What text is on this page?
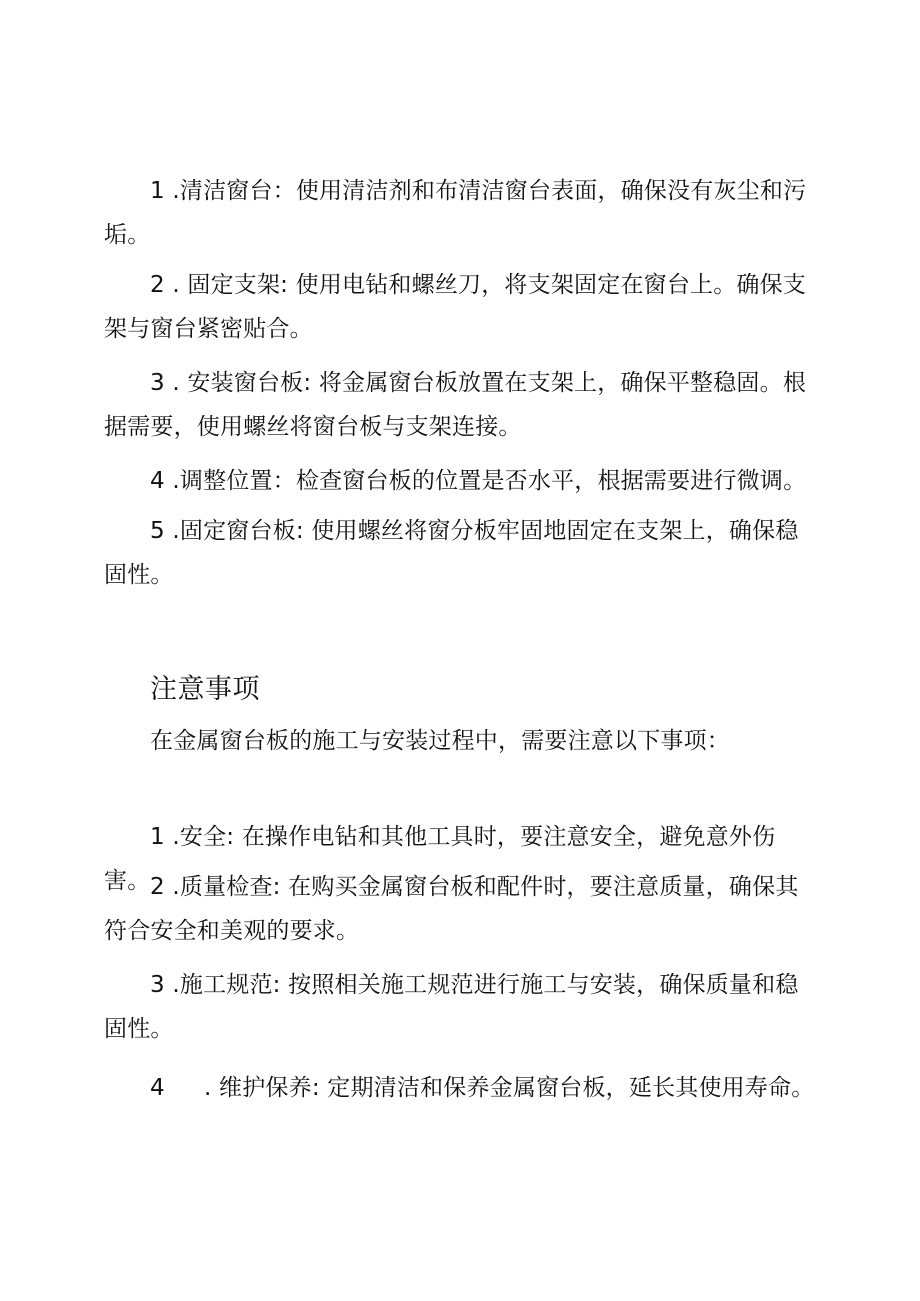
1 .清洁窗台：使用清洁剂和布清洁窗台表面，确保没有灰尘和污垢。

2 . 固定支架: 使用电钻和螺丝刀，将支架固定在窗台上。确保支架与窗台紧密贴合。

3 . 安装窗台板: 将金属窗台板放置在支架上，确保平整稳固。根据需要，使用螺丝将窗台板与支架连接。

4 .调整位置：检查窗台板的位置是否水平，根据需要进行微调。

5 .固定窗台板: 使用螺丝将窗分板牢固地固定在支架上，确保稳固性。

注意事项

在金属窗台板的施工与安装过程中，需要注意以下事项：

1 .安全: 在操作电钻和其他工具时，要注意安全，避免意外伤害。 2 .质量检查: 在购买金属窗台板和配件时，要注意质量，确保其符合安全和美观的要求。

3 .施工规范: 按照相关施工规范进行施工与安装，确保质量和稳固性。

4 . 维护保养: 定期清洁和保养金属窗台板，延长其使用寿命。
